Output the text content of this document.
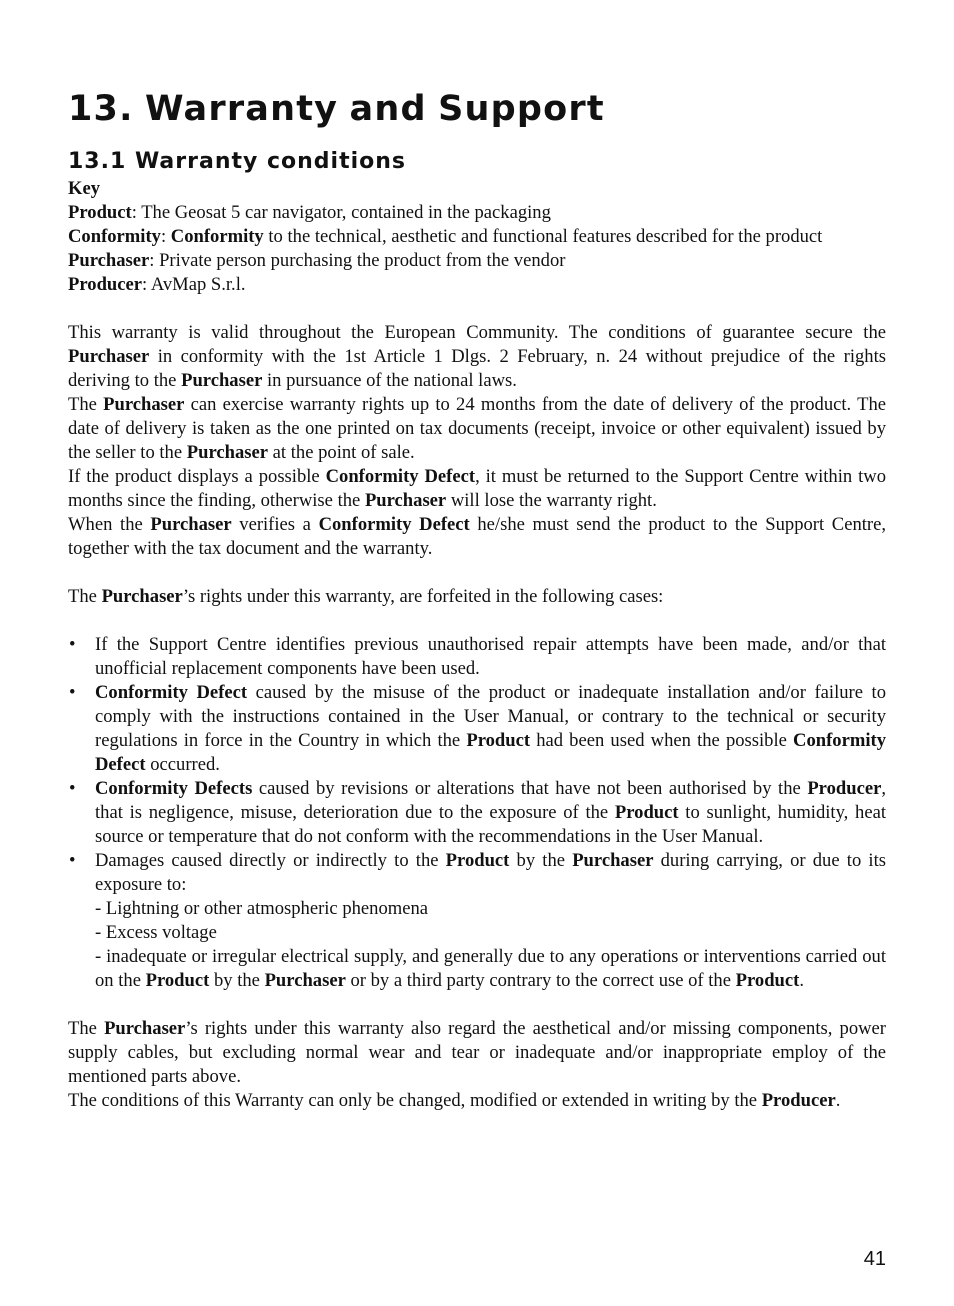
13. Warranty and Support
13.1 Warranty conditions

Key

Product: The Geosat 5 car navigator, contained in the packaging

Conformity: Conformity to the technical, aesthetic and functional features described for the product

Purchaser: Private person purchasing the product from the vendor

Producer: AvMap S.r.l.

This warranty is valid throughout the European Community. The conditions of guarantee secure the Purchaser in conformity with the 1st Article 1 Dlgs. 2 February, n. 24 without prejudice of the rights deriving to the Purchaser in pursuance of the national laws.

The Purchaser can exercise warranty rights up to 24 months from the date of delivery of the product. The date of delivery is taken as the one printed on tax documents (receipt, invoice or other equivalent) issued by the seller to the Purchaser at the point of sale.

If the product displays a possible Conformity Defect, it must be returned to the Support Centre within two months since the finding, otherwise the Purchaser will lose the warranty right.

When the Purchaser verifies a Conformity Defect he/she must send the product to the Support Centre, together with the tax document and the warranty.

The Purchaser’s rights under this warranty, are forfeited in the following cases:

• If the Support Centre identifies previous unauthorised repair attempts have been made, and/or that unofficial replacement components have been used.
• Conformity Defect caused by the misuse of the product or inadequate installation and/or failure to comply with the instructions contained in the User Manual, or contrary to the technical or security regulations in force in the Country in which the Product had been used when the possible Conformity Defect occurred.
• Conformity Defects caused by revisions or alterations that have not been authorised by the Producer, that is negligence, misuse, deterioration due to the exposure of the Product to sunlight, humidity, heat source or temperature that do not conform with the recommendations in the User Manual.
• Damages caused directly or indirectly to the Product by the Purchaser during carrying, or due to its exposure to:
- Lightning or other atmospheric phenomena
- Excess voltage
- inadequate or irregular electrical supply, and generally due to any operations or interventions carried out on the Product by the Purchaser or by a third party contrary to the correct use of the Product.

The Purchaser’s rights under this warranty also regard the aesthetical and/or missing components, power supply cables, but excluding normal wear and tear or inadequate and/or inappropriate employ of the mentioned parts above.

The conditions of this Warranty can only be changed, modified or extended in writing by the Producer.

41
